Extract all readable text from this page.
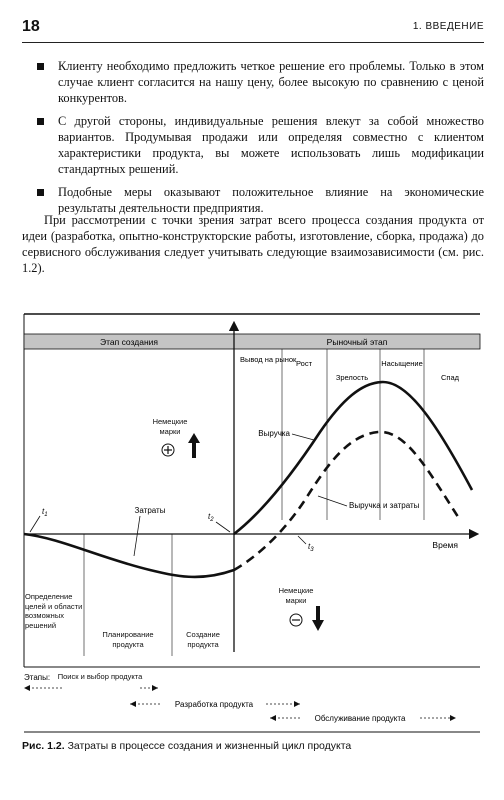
18	1. ВВЕДЕНИЕ
Клиенту необходимо предложить четкое решение его проблемы. Только в этом случае клиент согласится на нашу цену, более высокую по сравнению с ценой конкурентов.
С другой стороны, индивидуальные решения влекут за собой множество вариантов. Продумывая продажи или определяя совместно с клиентом характеристики продукта, вы можете использовать лишь модификации стандартных решений.
Подобные меры оказывают положительное влияние на экономические результаты деятельности предприятия.

При рассмотрении с точки зрения затрат всего процесса создания продукта от идеи (разработка, опытно-конструкторские работы, изготовление, сборка, продажа) до сервисного обслуживания следует учитывать следующие взаимозависимости (см. рис. 1.2).

Этап создания	Рыночный этап
Время
Вывод на рынок Рост
Зрелость
Насыщение
Спад
Определение целей и области возможных решений
Планирование продукта
Создание продукта
Затраты
Выручка
Выручка и затраты
$t_1$	$t_2$
$t_3$
Немецкие марки
Немецкие марки
Этапы:	Поиск и выбор продукта
Разработка продукта
Обслуживание продукта
Рис. 1.2. Затраты в процессе создания и жизненный цикл продукта
